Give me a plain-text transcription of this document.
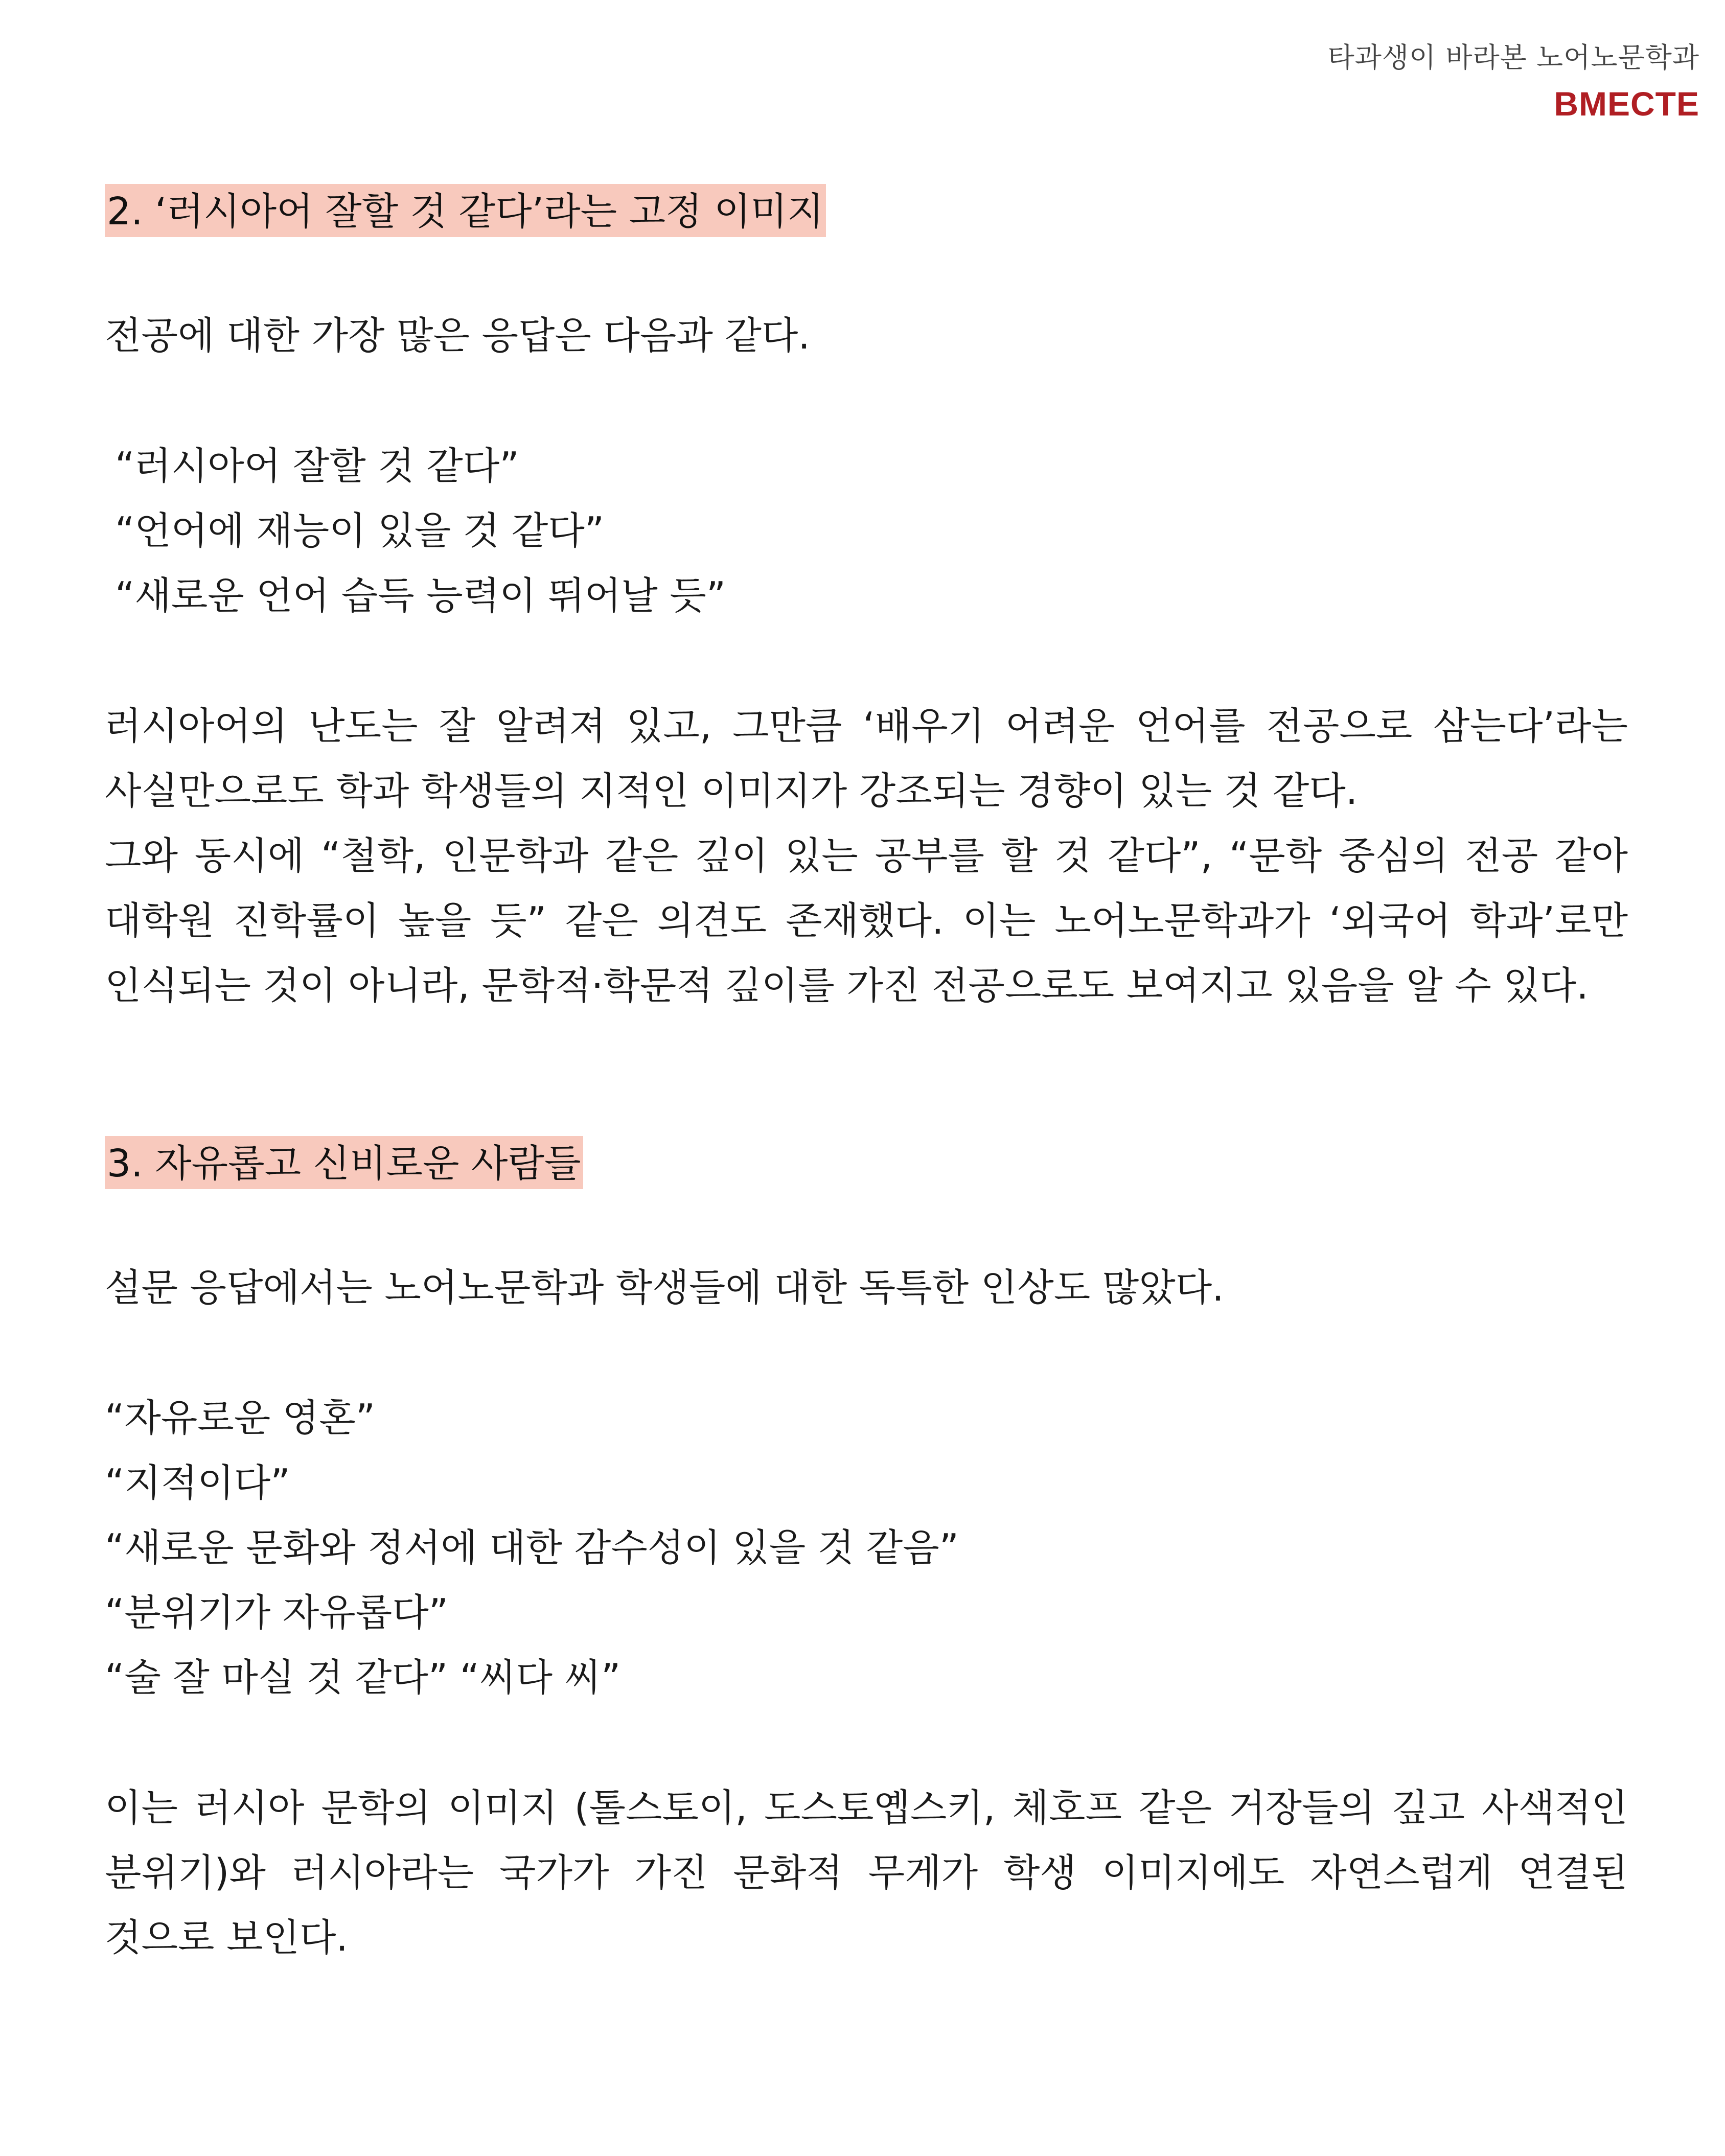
타과생이 바라본 노어노문학과
BMECTE
2. ‘러시아어 잘할 것 같다’라는 고정 이미지

전공에 대한 가장 많은 응답은 다음과 같다.

“러시아어 잘할 것 같다”

“언어에 재능이 있을 것 같다”

“새로운 언어 습득 능력이 뛰어날 듯”

러시아어의 난도는 잘 알려져 있고, 그만큼 ‘배우기 어려운 언어를 전공으로 삼는다’라는 사실만으로도 학과 학생들의 지적인 이미지가 강조되는 경향이 있는 것 같다.

그와 동시에 “철학, 인문학과 같은 깊이 있는 공부를 할 것 같다”, “문학 중심의 전공 같아 대학원 진학률이 높을 듯” 같은 의견도 존재했다. 이는 노어노문학과가 ‘외국어 학과’로만 인식되는 것이 아니라, 문학적·학문적 깊이를 가진 전공으로도 보여지고 있음을 알 수 있다.

3. 자유롭고 신비로운 사람들

설문 응답에서는 노어노문학과 학생들에 대한 독특한 인상도 많았다.

“자유로운 영혼”

“지적이다”

“새로운 문화와 정서에 대한 감수성이 있을 것 같음”

“분위기가 자유롭다”

“술 잘 마실 것 같다” “씨다 씨”

이는 러시아 문학의 이미지 (톨스토이, 도스토옙스키, 체호프 같은 거장들의 깊고 사색적인 분위기)와 러시아라는 국가가 가진 문화적 무게가 학생 이미지에도 자연스럽게 연결된 것으로 보인다.
